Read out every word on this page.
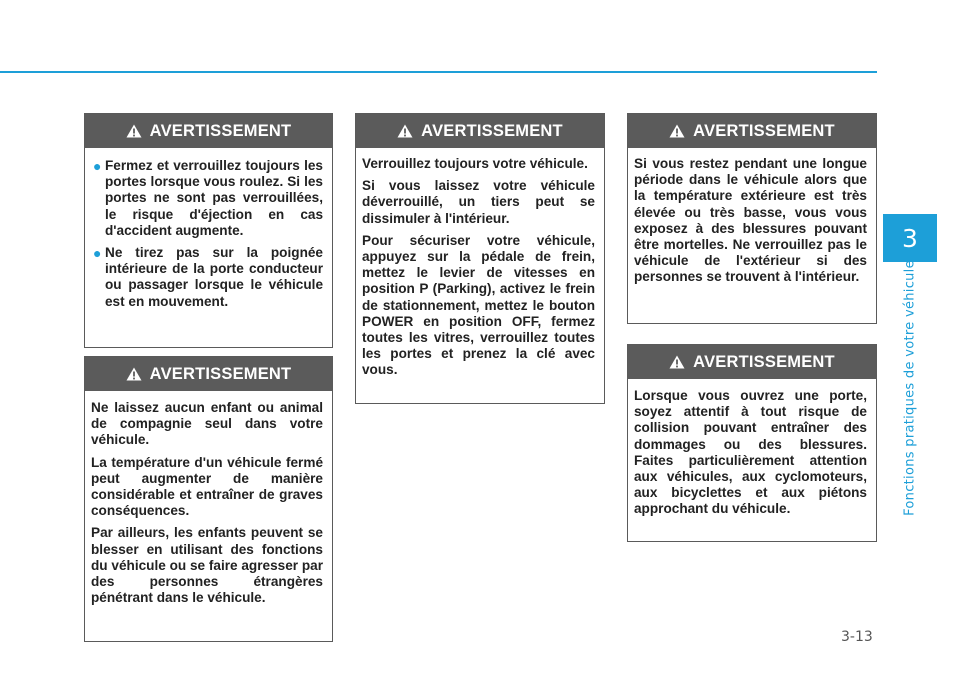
3
Fonctions pratiques de votre véhicule
AVERTISSEMENT
● Fermez et verrouillez toujours les portes lorsque vous roulez. Si les portes ne sont pas verrouillées, le risque d'éjection en cas d'accident augmente.
● Ne tirez pas sur la poignée intérieure de la porte conducteur ou passager lorsque le véhicule est en mouvement.
AVERTISSEMENT

Ne laissez aucun enfant ou animal de compagnie seul dans votre véhicule.

La température d'un véhicule fermé peut augmenter de manière considérable et entraîner de graves conséquences.

Par ailleurs, les enfants peuvent se blesser en utilisant des fonctions du véhicule ou se faire agresser par des personnes étrangères pénétrant dans le véhicule.

AVERTISSEMENT

Verrouillez toujours votre véhicule.

Si vous laissez votre véhicule déverrouillé, un tiers peut se dissimuler à l'intérieur.

Pour sécuriser votre véhicule, appuyez sur la pédale de frein, mettez le levier de vitesses en position P (Parking), activez le frein de stationnement, mettez le bouton POWER en position OFF, fermez toutes les vitres, verrouillez toutes les portes et prenez la clé avec vous.

AVERTISSEMENT

Si vous restez pendant une longue période dans le véhicule alors que la température extérieure est très élevée ou très basse, vous vous exposez à des blessures pouvant être mortelles. Ne verrouillez pas le véhicule de l'extérieur si des personnes se trouvent à l'intérieur.

AVERTISSEMENT

Lorsque vous ouvrez une porte, soyez attentif à tout risque de collision pouvant entraîner des dommages ou des blessures. Faites particulièrement attention aux véhicules, aux cyclomoteurs, aux bicyclettes et aux piétons approchant du véhicule.

3-13
